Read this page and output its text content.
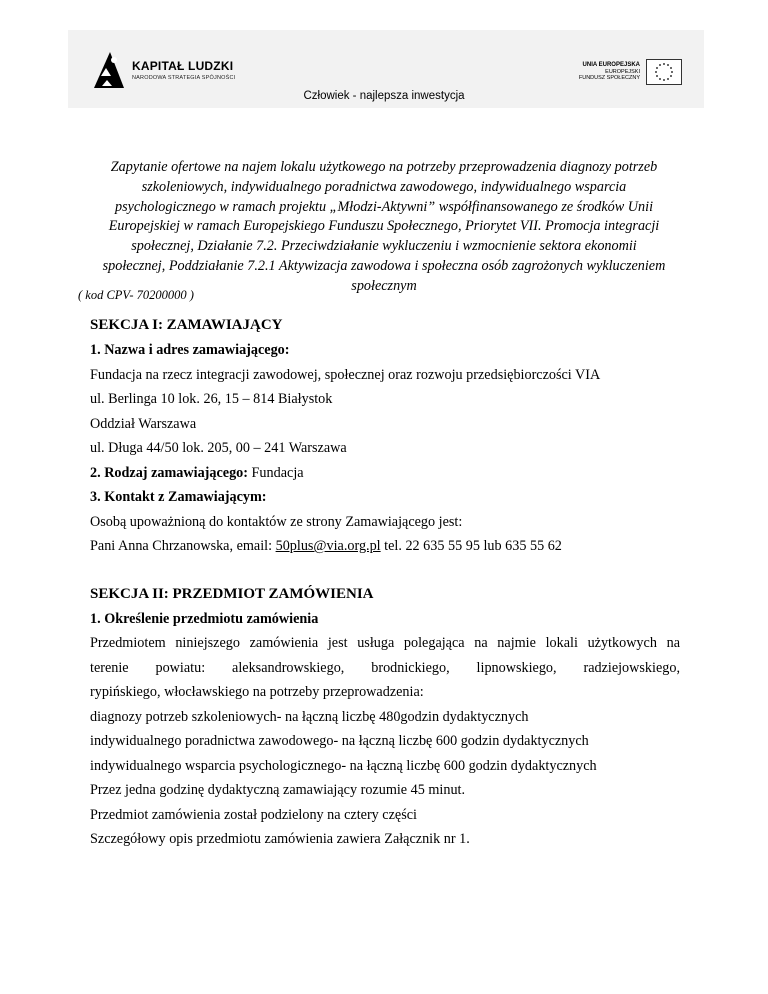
KAPITAŁ LUDZKI
NARODOWA STRATEGIA SPÓJNOŚCI
UNIA EUROPEJSKA
EUROPEJSKI
FUNDUSZ SPOŁECZNY
Człowiek - najlepsza inwestycja
Zapytanie ofertowe na najem lokalu użytkowego na potrzeby przeprowadzenia diagnozy potrzeb
szkoleniowych, indywidualnego poradnictwa zawodowego, indywidualnego wsparcia
psychologicznego w ramach projektu „Młodzi-Aktywni” współfinansowanego ze środków Unii
Europejskiej w ramach Europejskiego Funduszu Społecznego, Priorytet VII. Promocja integracji
społecznej, Działanie 7.2. Przeciwdziałanie wykluczeniu i wzmocnienie sektora ekonomii
społecznej, Poddziałanie 7.2.1 Aktywizacja zawodowa i społeczna osób zagrożonych wykluczeniem
społecznym
( kod CPV- 70200000 )
SEKCJA I: ZAMAWIAJĄCY
1. Nazwa i adres zamawiającego:
Fundacja na rzecz integracji zawodowej, społecznej oraz rozwoju przedsiębiorczości VIA
ul. Berlinga 10 lok. 26, 15 – 814 Białystok
Oddział Warszawa
ul. Długa 44/50 lok. 205, 00 – 241 Warszawa
2. Rodzaj zamawiającego: Fundacja
3. Kontakt z Zamawiającym:
Osobą upoważnioną do kontaktów ze strony Zamawiającego jest:
Pani Anna Chrzanowska, email: 50plus@via.org.pl tel. 22 635 55 95 lub 635 55 62
SEKCJA II: PRZEDMIOT ZAMÓWIENIA
1. Określenie przedmiotu zamówienia
Przedmiotem niniejszego zamówienia jest usługa polegająca na najmie lokali użytkowych na
terenie powiatu: aleksandrowskiego, brodnickiego, lipnowskiego, radziejowskiego,
rypińskiego, włocławskiego na potrzeby przeprowadzenia:
diagnozy potrzeb szkoleniowych- na łączną liczbę 480godzin dydaktycznych
indywidualnego poradnictwa zawodowego- na łączną liczbę 600 godzin dydaktycznych
indywidualnego wsparcia psychologicznego- na łączną liczbę 600 godzin dydaktycznych
Przez jedna godzinę dydaktyczną zamawiający rozumie 45 minut.
Przedmiot zamówienia został podzielony na cztery części
Szczegółowy opis przedmiotu zamówienia zawiera Załącznik nr 1.
